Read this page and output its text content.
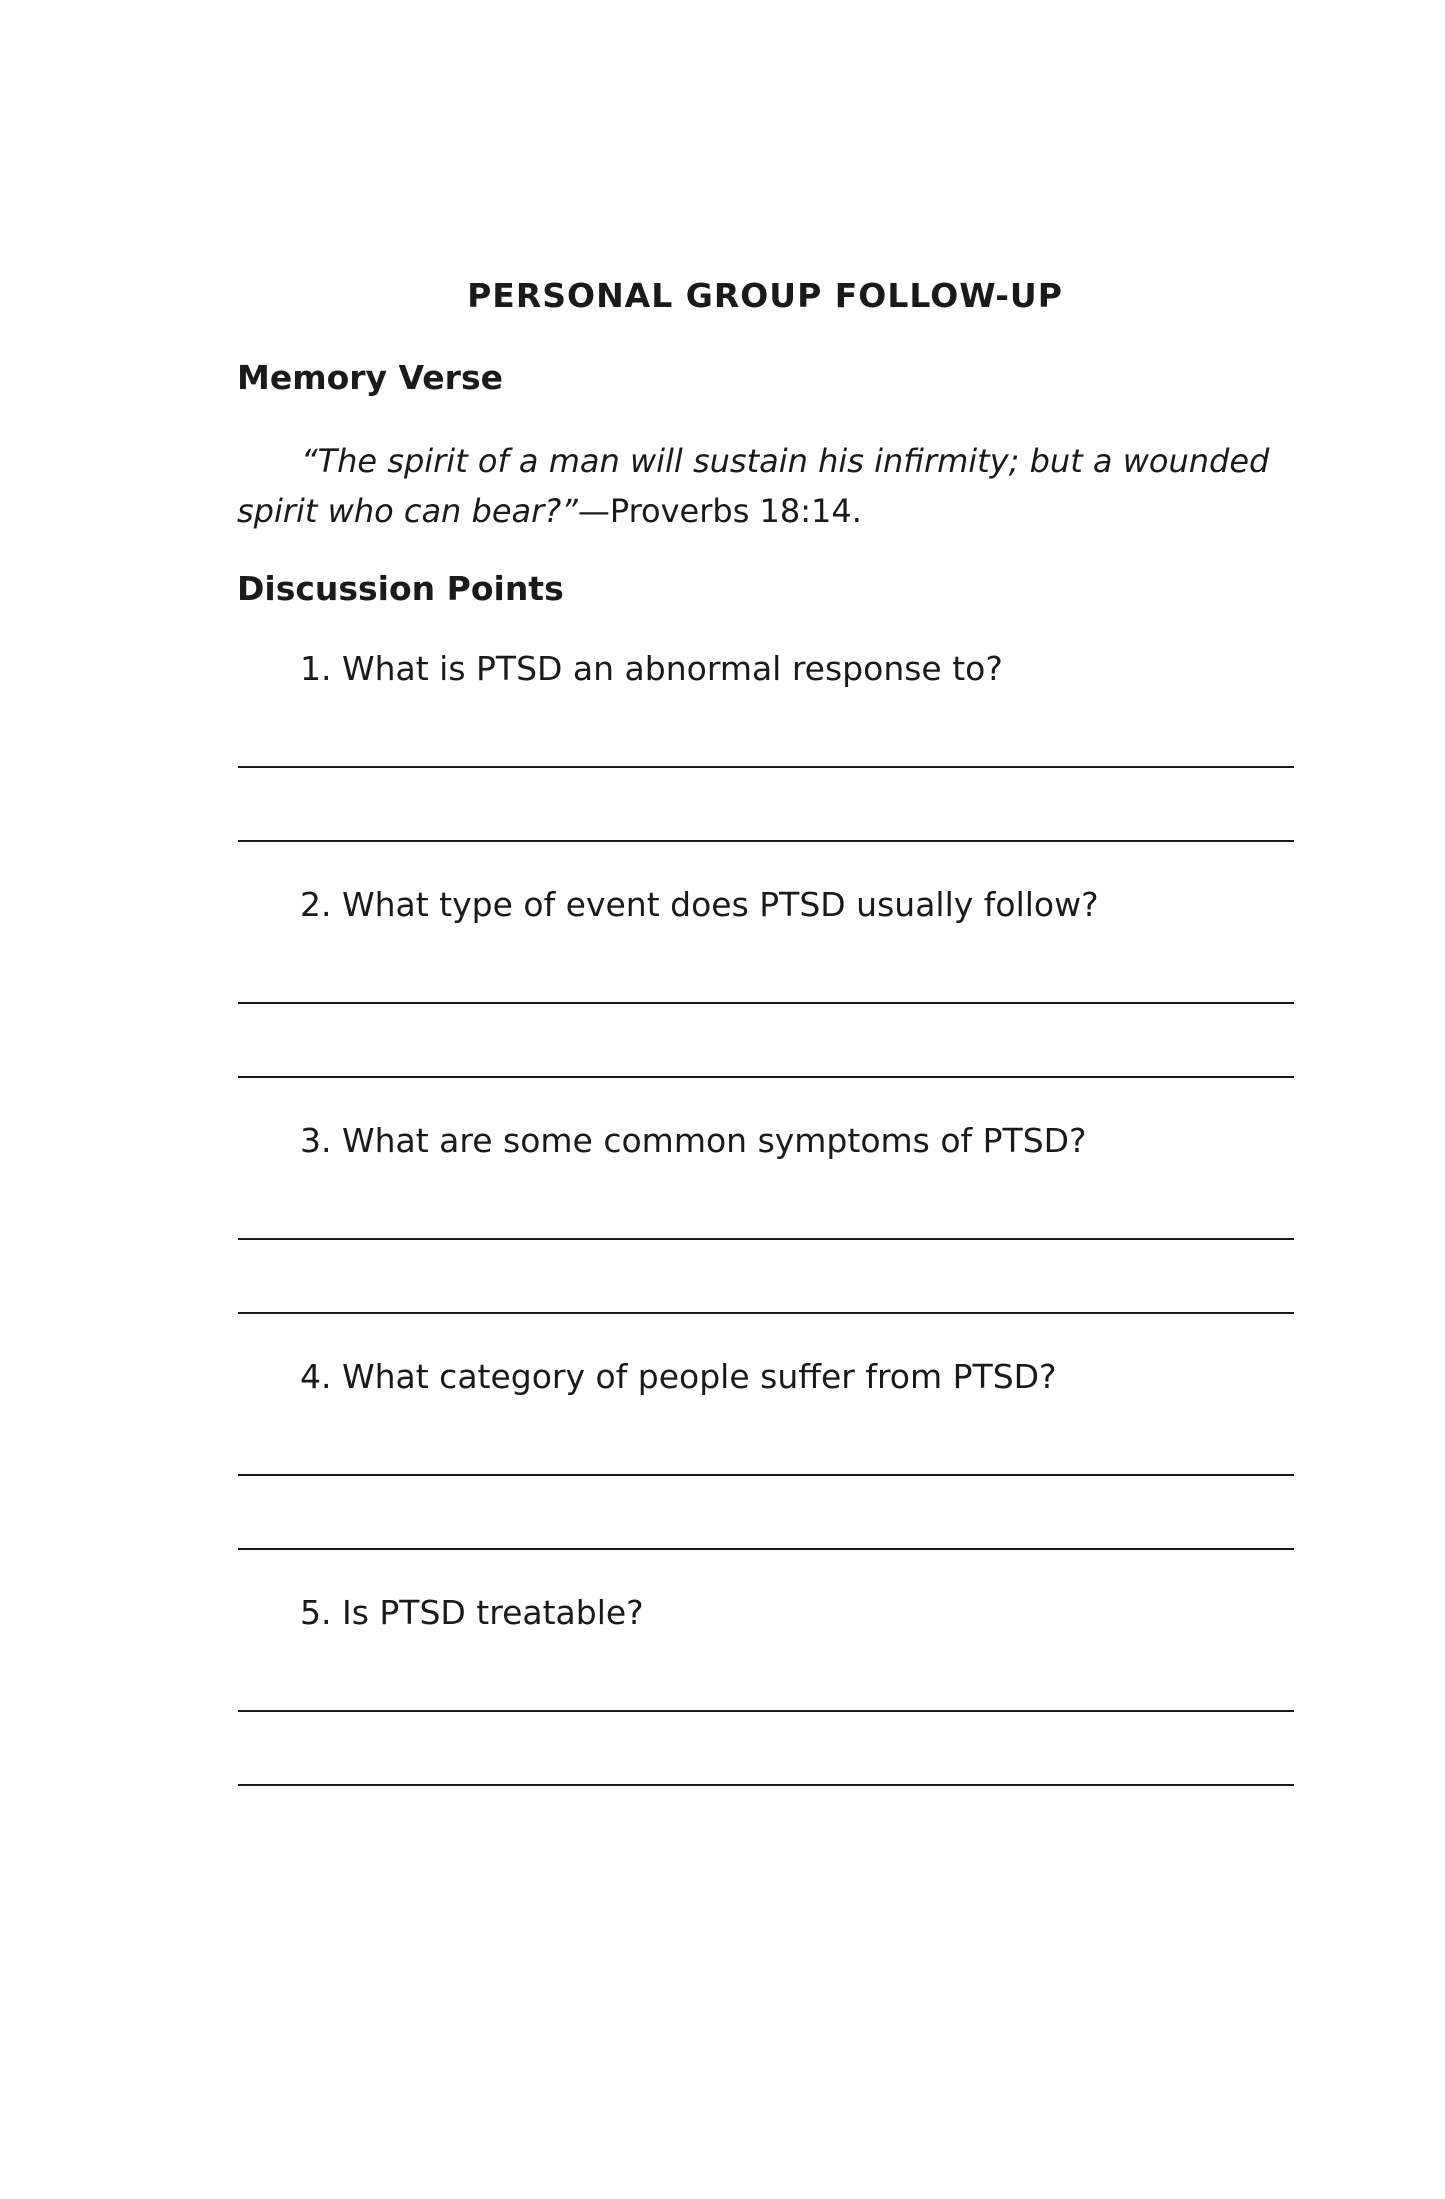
PERSONAL GROUP FOLLOW-UP
Memory Verse

“The spirit of a man will sustain his infirmity; but a wounded spirit who can bear?”—Proverbs 18:14.

Discussion Points

1. What is PTSD an abnormal response to?

2. What type of event does PTSD usually follow?

3. What are some common symptoms of PTSD?

4. What category of people suffer from PTSD?

5. Is PTSD treatable?
